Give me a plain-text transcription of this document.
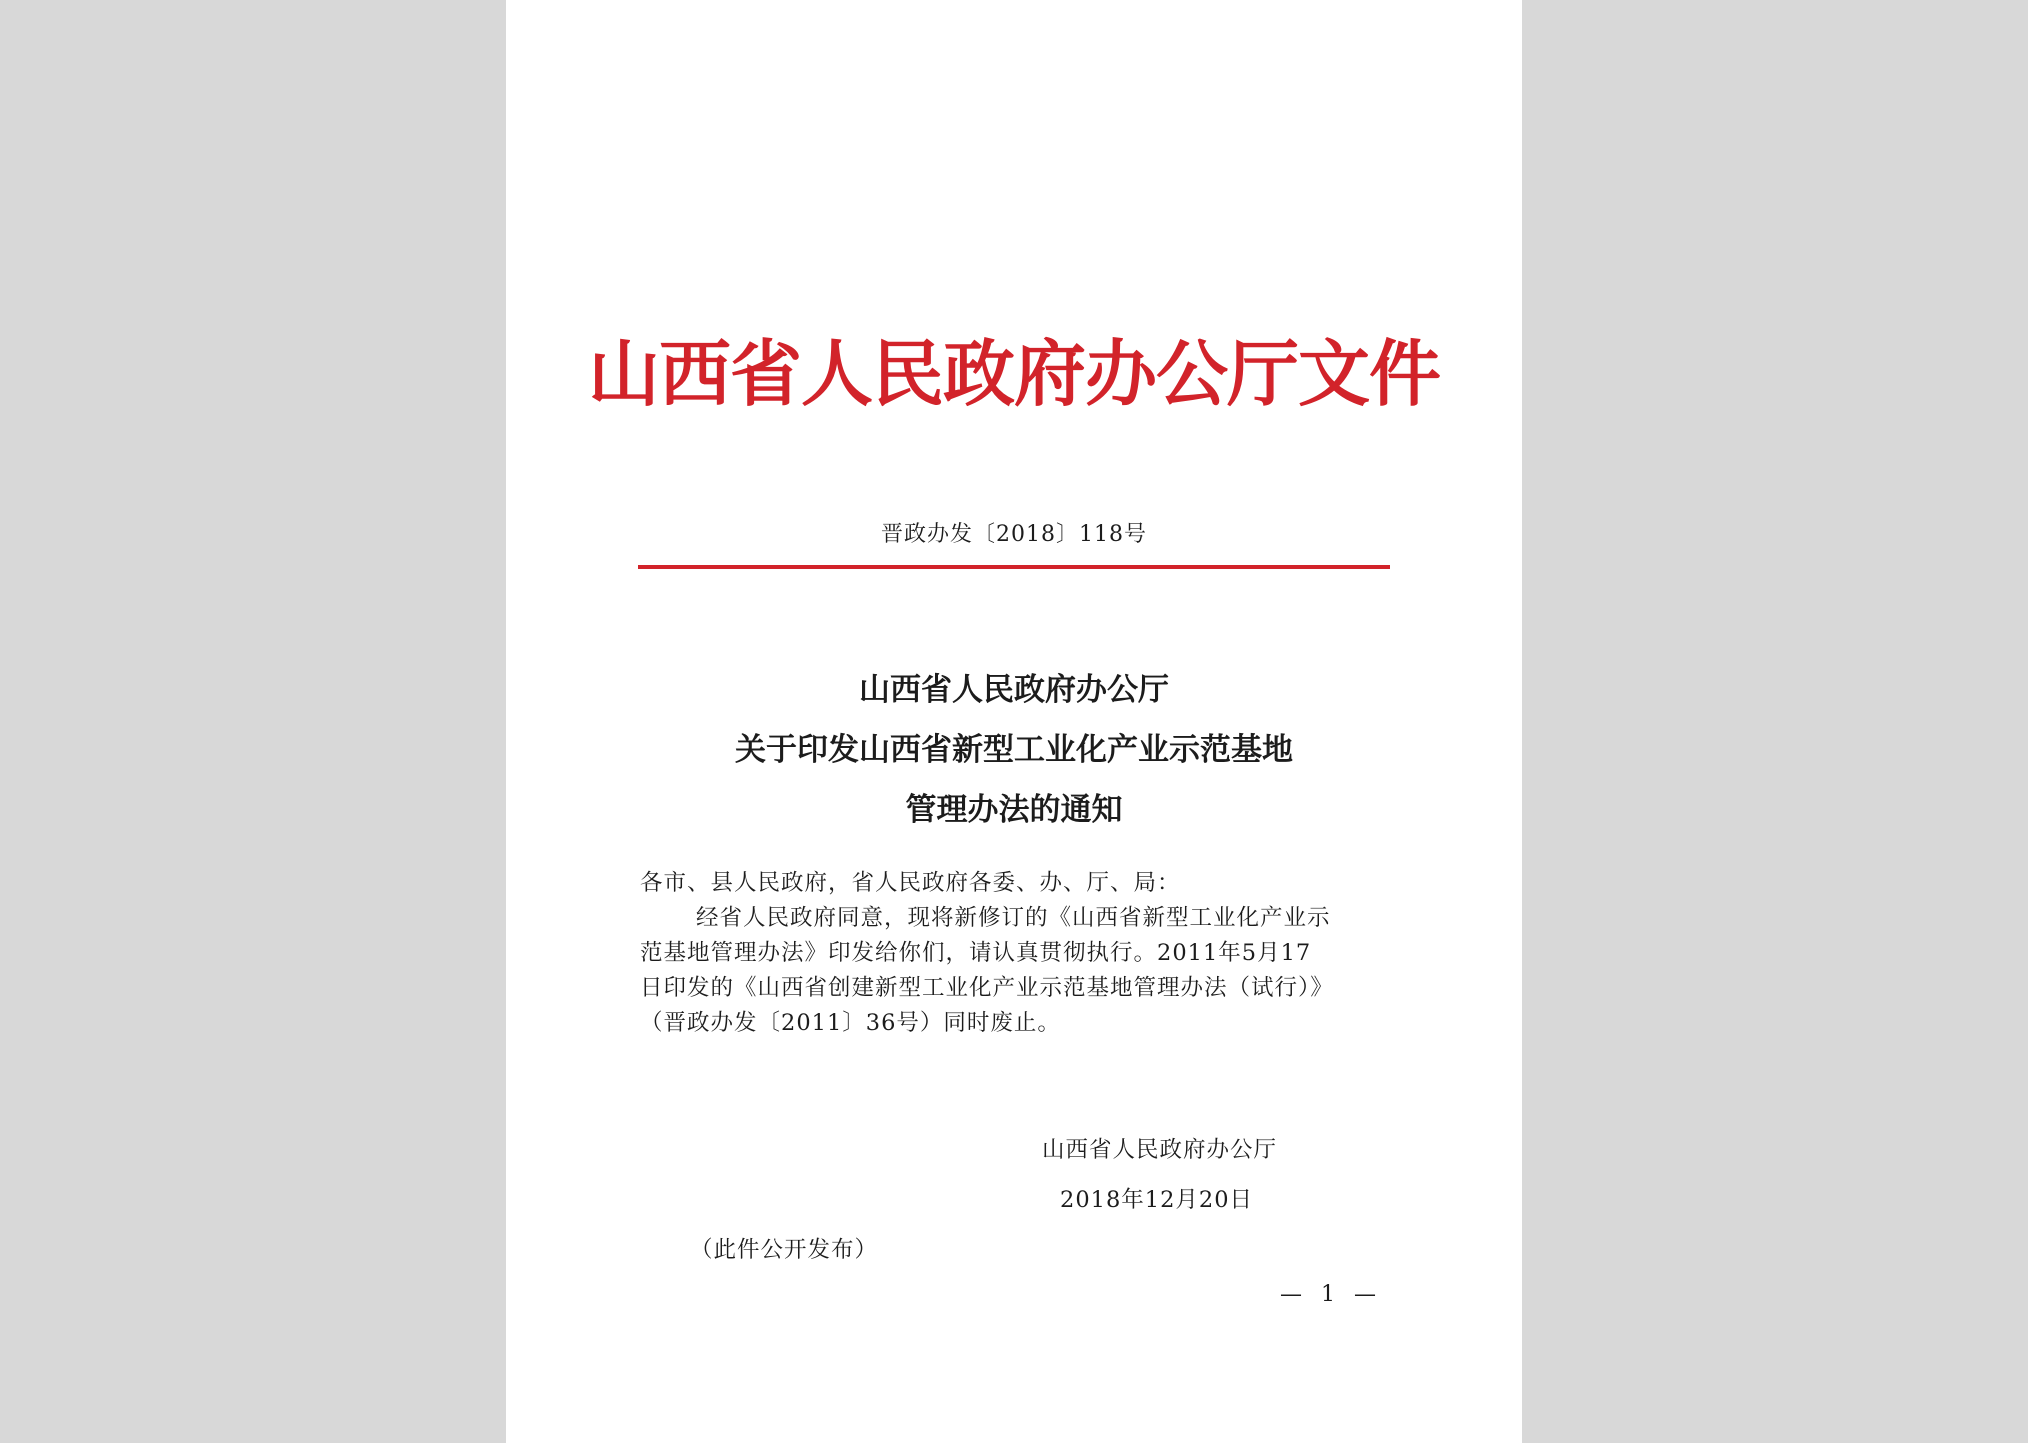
山西省人民政府办公厅文件
晋政办发〔2018〕118号
山西省人民政府办公厅
关于印发山西省新型工业化产业示范基地
管理办法的通知
各市、县人民政府，省人民政府各委、办、厅、局：
经省人民政府同意，现将新修订的《山西省新型工业化产业示
范基地管理办法》印发给你们，请认真贯彻执行。2011年5月17
日印发的《山西省创建新型工业化产业示范基地管理办法（试行）》
（晋政办发〔2011〕36号）同时废止。
山西省人民政府办公厅
2018年12月20日
（此件公开发布）
— 1 —
